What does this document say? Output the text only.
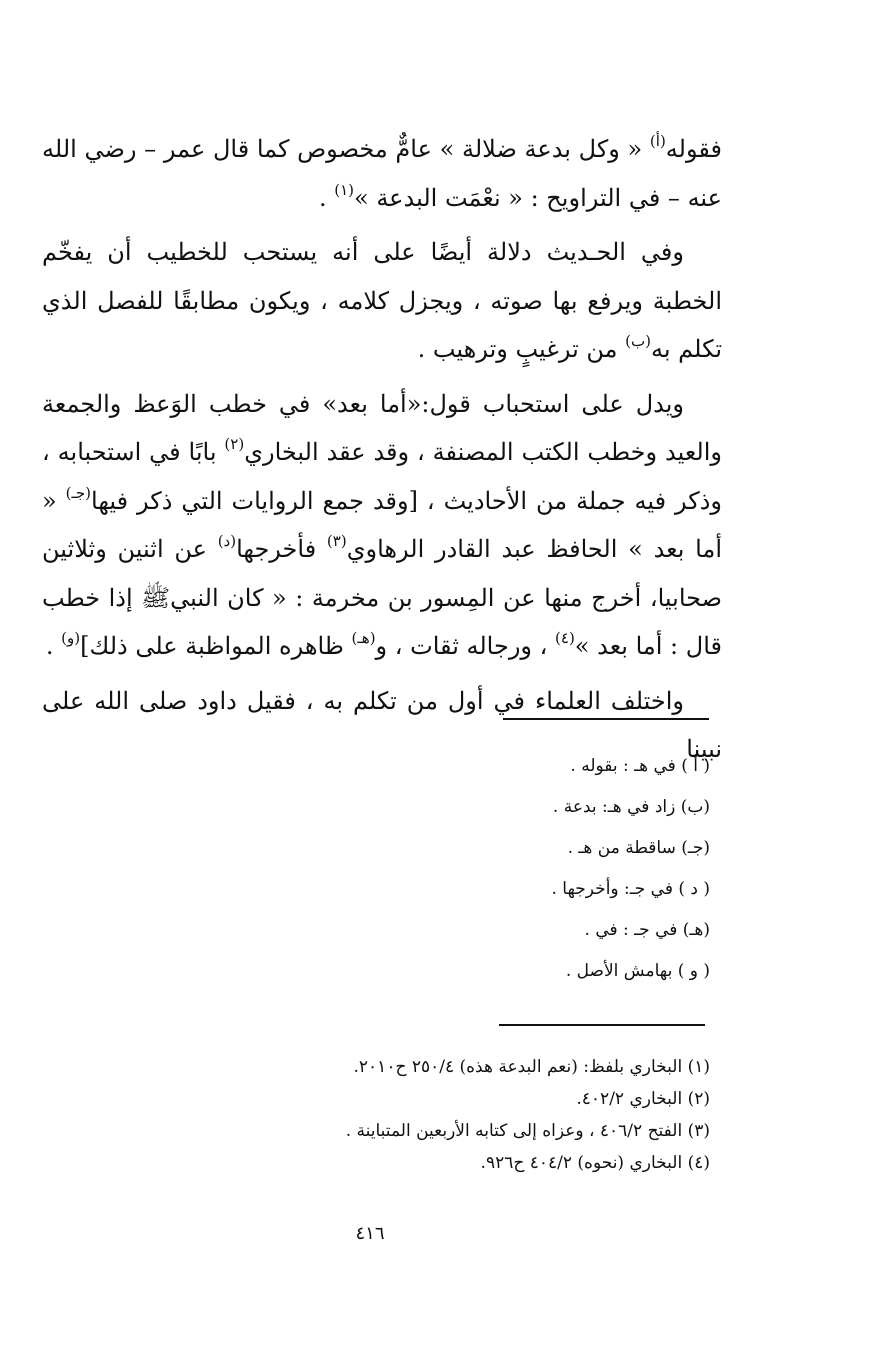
فقوله$^{(أ)}$ « وكل بدعة ضلالة » عامٌّ مخصوص كما قال عمر – رضي الله عنه – في التراويح : « نعْمَت البدعة »$^{(١)}$ .

وفي الحـديث دلالة أيضًا على أنه يستحب للخطيب أن يفخّم الخطبة ويرفع بها صوته ، ويجزل كلامه ، ويكون مطابقًا للفصل الذي تكلم به$^{(ب)}$ من ترغيبٍ وترهيب .

ويدل على استحباب قول:«أما بعد» في خطب الوَعظ والجمعة والعيد وخطب الكتب المصنفة ، وقد عقد البخاري$^{(٢)}$ بابًا في استحبابه ، وذكر فيه جملة من الأحاديث ، [وقد جمع الروايات التي ذكر فيها$^{(جـ)}$ « أما بعد » الحافظ عبد القادر الرهاوي$^{(٣)}$ فأخرجها$^{(د)}$ عن اثنين وثلاثين صحابيا، أخرج منها عن المِسور بن مخرمة : « كان النبيﷺ إذا خطب قال : أما بعد »$^{(٤)}$ ، ورجاله ثقات ، و$^{(هـ)}$ ظاهره المواظبة على ذلك]$^{(و)}$ .

واختلف العلماء في أول من تكلم به ، فقيل داود صلى الله على نبينا

( أ ) في هـ : بقوله .
(ب) زاد في هـ: بدعة .
(جـ) ساقطة من هـ .
( د ) في جـ: وأخرجها .
(هـ) في جـ : في .
( و ) بهامش الأصل .
(١) البخاري بلفظ: (نعم البدعة هذه) ٢٥٠/٤ ح٢٠١٠.
(٢) البخاري ٤٠٢/٢.
(٣) الفتح ٤٠٦/٢ ، وعزاه إلى كتابه الأربعين المتباينة .
(٤) البخاري (نحوه) ٤٠٤/٢ ح٩٢٦.
٤١٦
